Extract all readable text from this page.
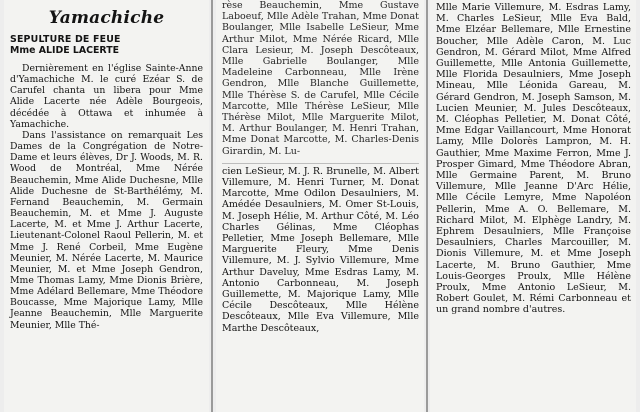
Yamachiche
SEPULTURE DE FEUE
Mme ALIDE LACERTE

Dernièrement en l'église Sainte-Anne d'Yamachiche M. le curé Ezéar S. de Carufel chanta un libera pour Mme Alide Lacerte née Adèle Bourgeois, décédée à Ottawa et inhumée à Yamachiche.

Dans l'assistance on remarquait Les Dames de la Congrégation de Notre-Dame et leurs élèves, Dr J. Woods, M. R. Wood de Montréal, Mme Nérée Beauchemin, Mme Alide Duchesne, Mlle Alide Duchesne de St-Barthélémy, M. Fernand Beauchemin, M. Germain Beauchemin, M. et Mme J. Auguste Lacerte, M. et Mme J. Arthur Lacerte, Lieutenant-Colonel Raoul Pellerin, M. et Mme J. René Corbeil, Mme Eugène Meunier, M. Nérée Lacerte, M. Maurice Meunier, M. et Mme Joseph Gendron, Mme Thomas Lamy, Mme Dionis Brière, Mme Adélard Bellemare, Mme Théodore Boucasse, Mme Majorique Lamy, Mlle Jeanne Beauchemin, Mlle Marguerite Meunier, Mlle Thé-

rèse Beauchemin, Mme Gustave Laboeuf, Mlle Adèle Trahan, Mme Donat Boulanger, Mlle Isabelle LeSieur, Mme Arthur Milot, Mme Nérée Ricard, Mlle Clara Lesieur, M. Joseph Descôteaux, Mlle Gabrielle Boulanger, Mlle Madeleine Carbonneau, Mlle Irène Gendron, Mlle Blanche Guillemette, Mlle Thérèse S. de Carufel, Mlle Cécile Marcotte, Mlle Thérèse LeSieur, Mlle Thérèse Milot, Mlle Marguerite Milot, M. Arthur Boulanger, M. Henri Trahan, Mme Donat Marcotte, M. Charles-Denis Girardin, M. Lu-

cien LeSieur, M. J. R. Brunelle, M. Albert Villemure, M. Henri Turner, M. Donat Marcotte, Mme Odilon Desaulniers, M. Amédée Desaulniers, M. Omer St-Louis, M. Joseph Hélie, M. Arthur Côté, M. Léo Charles Gélinas, Mme Cléophas Pelletier, Mme Joseph Bellemare, Mlle Marguerite Fleury, Mme Denis Villemure, M. J. Sylvio Villemure, Mme Arthur Daveluy, Mme Esdras Lamy, M. Antonio Carbonneau, M. Joseph Guillemette, M. Majorique Lamy, Mlle Cécile Descôteaux, Mlle Hélène Descôteaux, Mlle Eva Villemure, Mlle Marthe Descôteaux,

Mlle Marie Villemure, M. Esdras Lamy, M. Charles LeSieur, Mlle Eva Bald, Mme Elzéar Bellemare, Mlle Ernestine Boucher, Mlle Adèle Caron, M. Luc Gendron, M. Gérard Milot, Mme Alfred Guillemette, Mlle Antonia Guillemette, Mlle Florida Desaulniers, Mme Joseph Mineau, Mlle Léonida Gareau, M. Gérard Gendron, M. Joseph Samson, M. Lucien Meunier, M. Jules Descôteaux, M. Cléophas Pelletier, M. Donat Côté, Mme Edgar Vaillancourt, Mme Honorat Lamy, Mlle Dolorès Lampron, M. H. Gauthier, Mme Maxime Ferron, Mme J. Prosper Gimard, Mme Théodore Abran, Mlle Germaine Parent, M. Bruno Villemure, Mlle Jeanne D'Arc Hélie, Mlle Cécile Lemyre, Mme Napoléon Pellerin, Mme A. O. Bellemare, M. Richard Milot, M. Elphège Landry, M. Ephrem Desaulniers, Mlle Françoise Desaulniers, Charles Marcouiller, M. Dionis Villemure, M. et Mme Joseph Lacerte, M. Bruno Gauthier, Mme Louis-Georges Proulx, Mlle Hélène Proulx, Mme Antonio LeSieur, M. Robert Goulet, M. Rémi Carbonneau et un grand nombre d'autres.
